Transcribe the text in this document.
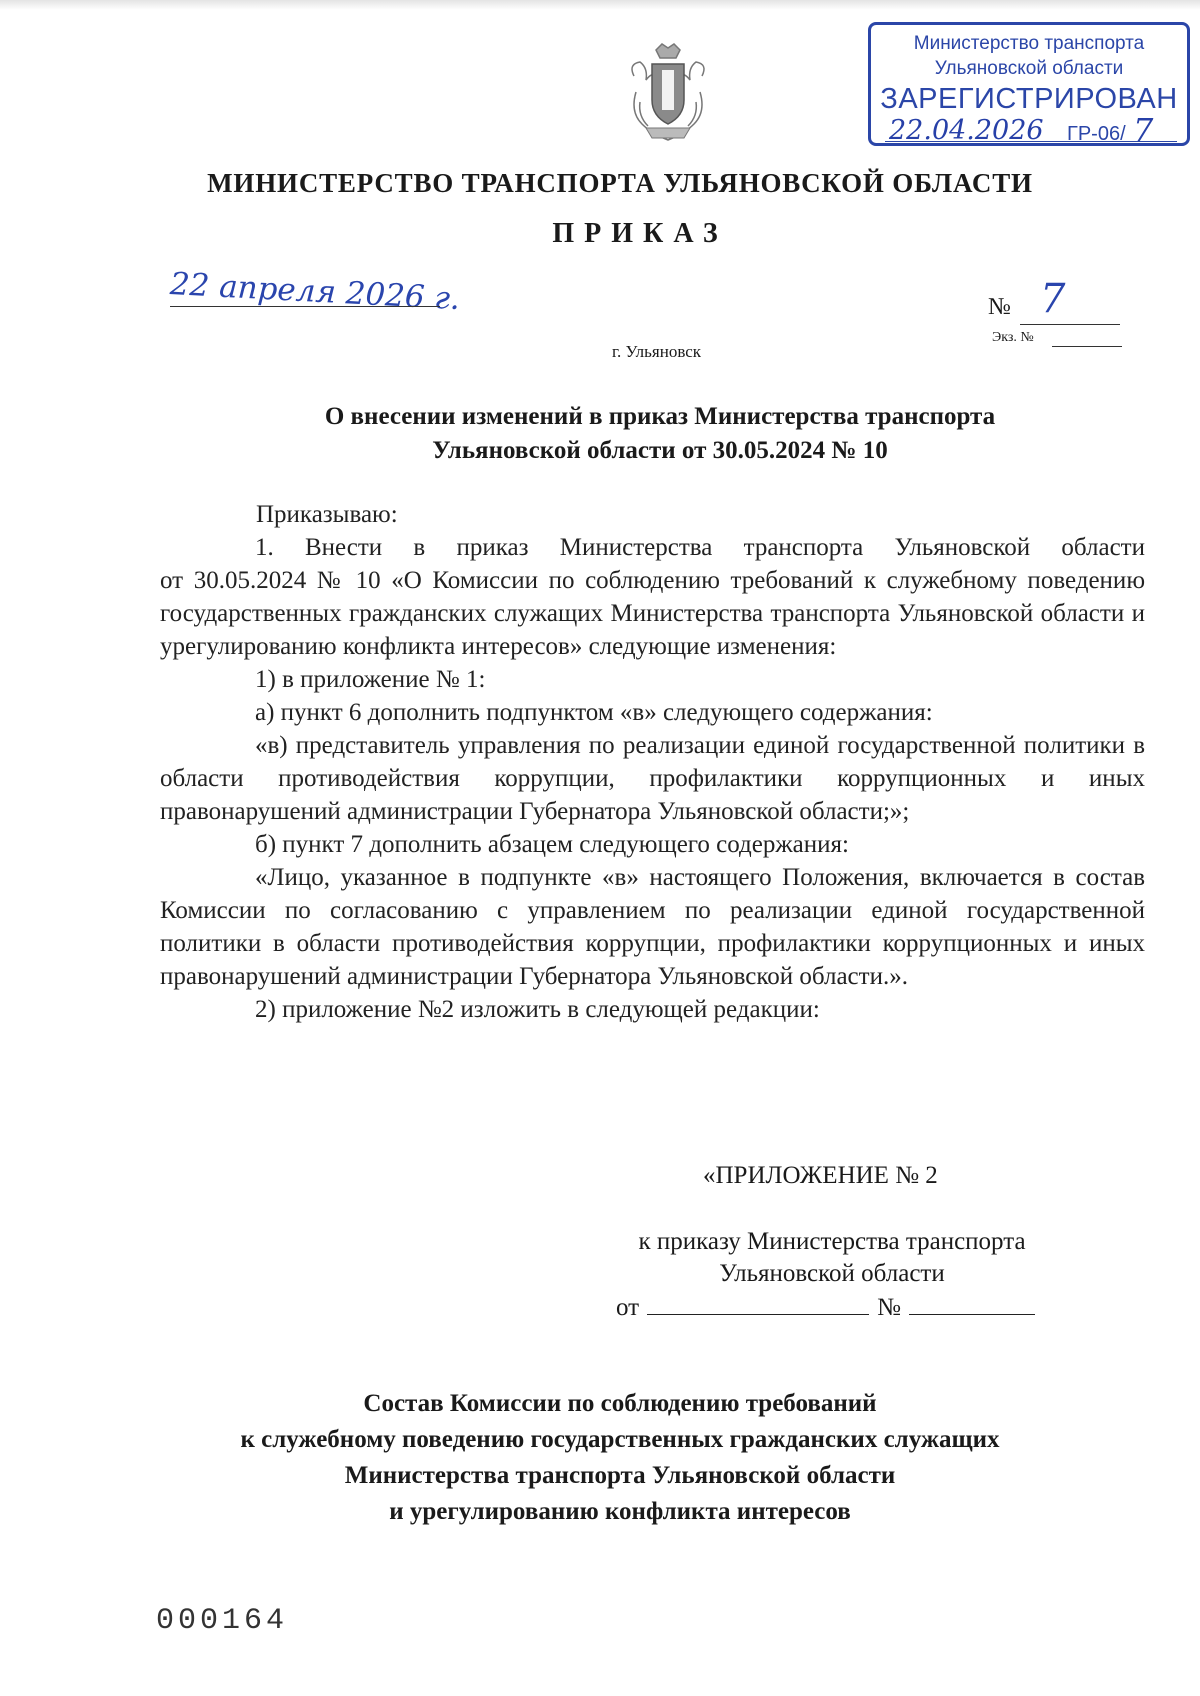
Министерство транспорта
Ульяновской области
ЗАРЕГИСТРИРОВАН
22.04.2026 ГР-06/ 7
МИНИСТЕРСТВО ТРАНСПОРТА УЛЬЯНОВСКОЙ ОБЛАСТИ
ПРИКАЗ
22 апреля 2026 г.	№ 7
Экз. №
г. Ульяновск
О внесении изменений в приказ Министерства транспорта
Ульяновской области от 30.05.2024 № 10

Приказываю:

1. Внести в приказ Министерства транспорта Ульяновской области

от 30.05.2024 № 10 «О Комиссии по соблюдению требований к служебному поведению государственных гражданских служащих Министерства транспорта Ульяновской области и урегулированию конфликта интересов» следующие изменения:

1) в приложение № 1:

а) пункт 6 дополнить подпунктом «в» следующего содержания:

«в) представитель управления по реализации единой государственной политики в области противодействия коррупции, профилактики коррупционных и иных правонарушений администрации Губернатора Ульяновской области;»;

б) пункт 7 дополнить абзацем следующего содержания:

«Лицо, указанное в подпункте «в» настоящего Положения, включается в состав Комиссии по согласованию с управлением по реализации единой государственной политики в области противодействия коррупции, профилактики коррупционных и иных правонарушений администрации Губернатора Ульяновской области.».

2) приложение №2 изложить в следующей редакции:

«ПРИЛОЖЕНИЕ № 2
к приказу Министерства транспорта
Ульяновской области
от	№
Состав Комиссии по соблюдению требований
к служебному поведению государственных гражданских служащих
Министерства транспорта Ульяновской области
и урегулированию конфликта интересов
000164
